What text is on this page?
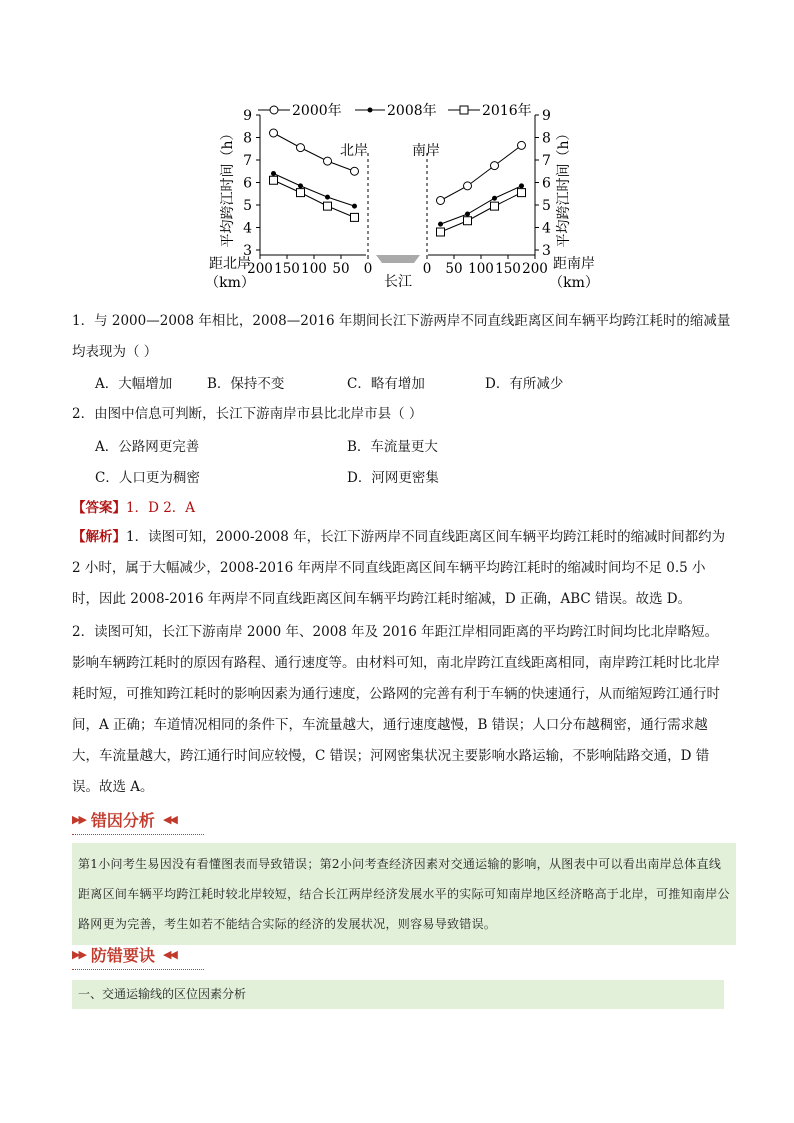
2000年	2008年	2016年
北岸	南岸
长江
平均跨江时间（h）	平均跨江时间（h）
3	3
4	4
5	5
6	6
7	7
8	8
9	9
200 150 100 50 0	0 50 100 150 200
距北岸
（km）
距南岸
（km）
1．与 2000—2008 年相比，2008—2016 年期间长江下游两岸不同直线距离区间车辆平均跨江耗时的缩减量
均表现为（ ）
A．大幅增加	B．保持不变	C．略有增加	D．有所减少
2．由图中信息可判断，长江下游南岸市县比北岸市县（ ）
A．公路网更完善	B．车流量更大
C．人口更为稠密	D．河网更密集
【答案】1．D 2．A
【解析】1．读图可知，2000-2008 年，长江下游两岸不同直线距离区间车辆平均跨江耗时的缩减时间都约为 2 小时，属于大幅减少，2008-2016 年两岸不同直线距离区间车辆平均跨江耗时的缩减时间均不足 0.5 小时，因此 2008-2016 年两岸不同直线距离区间车辆平均跨江耗时缩减，D 正确，ABC 错误。故选 D。
2．读图可知，长江下游南岸 2000 年、2008 年及 2016 年距江岸相同距离的平均跨江时间均比北岸略短。影响车辆跨江耗时的原因有路程、通行速度等。由材料可知，南北岸跨江直线距离相同，南岸跨江耗时比北岸耗时短，可推知跨江耗时的影响因素为通行速度，公路网的完善有利于车辆的快速通行，从而缩短跨江通行时间，A 正确；车道情况相同的条件下，车流量越大，通行速度越慢，B 错误；人口分布越稠密，通行需求越大，车流量越大，跨江通行时间应较慢，C 错误；河网密集状况主要影响水路运输，不影响陆路交通，D 错误。故选 A。
▶▶ 错因分析 ◀◀
第1小问考生易因没有看懂图表而导致错误；第2小问考查经济因素对交通运输的影响，从图表中可以看出南岸总体直线距离区间车辆平均跨江耗时较北岸较短，结合长江两岸经济发展水平的实际可知南岸地区经济略高于北岸，可推知南岸公路网更为完善，考生如若不能结合实际的经济的发展状况，则容易导致错误。
▶▶ 防错要诀 ◀◀
一、交通运输线的区位因素分析
